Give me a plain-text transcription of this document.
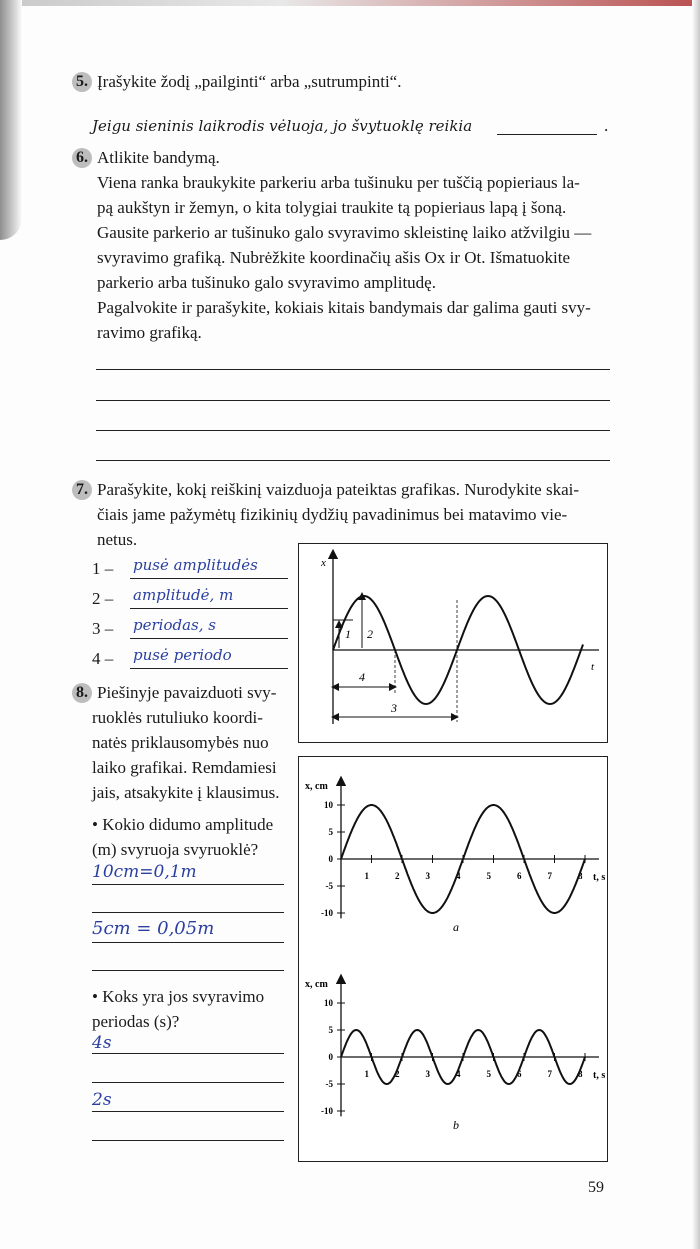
5. Įrašykite žodį „pailginti“ arba „sutrumpinti“.
Jeigu sieninis laikrodis vėluoja, jo švytuoklę reikia	.
6. Atlikite bandymą.
Viena ranka braukykite parkeriu arba tušinuku per tuščią popieriaus la-
pą aukštyn ir žemyn, o kita tolygiai traukite tą popieriaus lapą į šoną.
Gausite parkerio ar tušinuko galo svyravimo skleistinę laiko atžvilgiu —
svyravimo grafiką. Nubrėžkite koordinačių ašis Ox ir Ot. Išmatuokite
parkerio arba tušinuko galo svyravimo amplitudę.
Pagalvokite ir parašykite, kokiais kitais bandymais dar galima gauti svy-
ravimo grafiką.
7. Parašykite, kokį reiškinį vaizduoja pateiktas grafikas. Nurodykite skai-
čiais jame pažymėtų fizikinių dydžių pavadinimus bei matavimo vie-
netus.
1 – pusė amplitudės
2 – amplitudė, m
3 – periodas, s
4 – pusė periodo
x
t
1 2
4
3
8. Piešinyje pavaizduoti svy-
ruoklės rutuliuko koordi-
natės priklausomybės nuo
laiko grafikai. Remdamiesi
jais, atsakykite į klausimus.
• Kokio didumo amplitude
(m) svyruoja svyruoklė?
10cm=0,1m
5cm = 0,05m
• Koks yra jos svyravimo
periodas (s)?
4s
2s
x, cm
t, s
10
5
0
-5
-10
1	2	3	4	5	6	7	8
a
x, cm
t, s
10
5
0
-5
-10
1	2	3	4	5	6	7	8
b
59
